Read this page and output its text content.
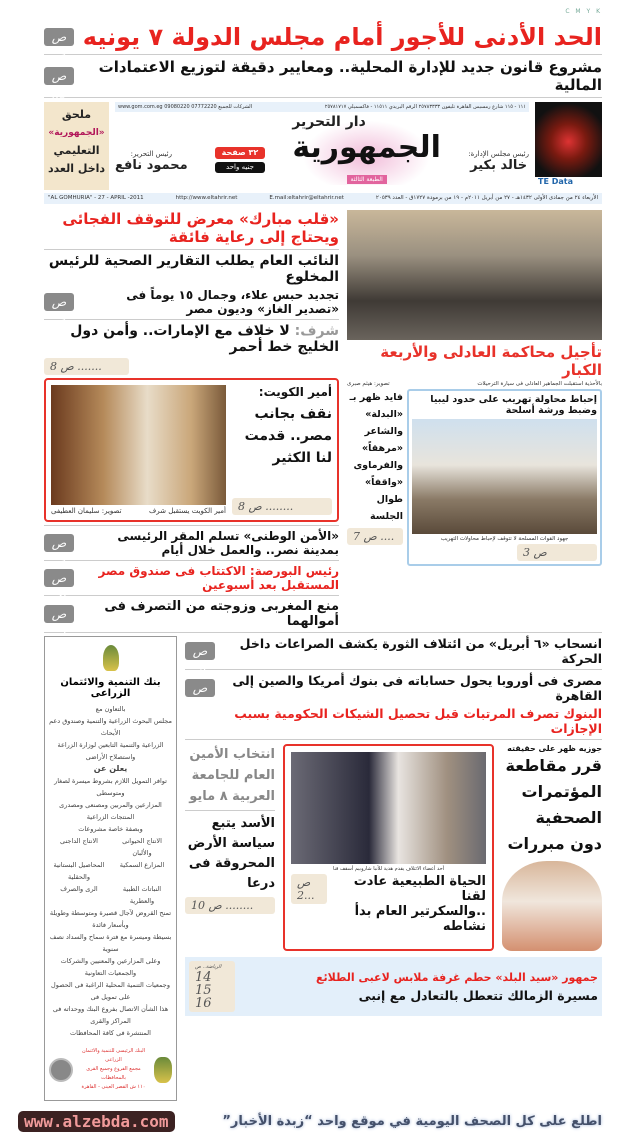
C M Y K
الحد الأدنى للأجور أمام مجلس الدولة ٧ يونيه
ص 3..
مشروع قانون جديد للإدارة المحلية.. ومعايير دقيقة لتوزيع الاعتمادات المالية
ص 8..
TE Data
١١١ - ١١٥ شارع رمسيس القاهرة تليفون ٢٥٧٨٣٣٣٣ الرقم البريدي ١١٥١١ - فاكسميلي ٢٥٧٨١٧١٧
الشركات للجميع 07772220 09080220 www.gom.com.eg
رئيس مجلس الإدارة:
خالد بكير
دار التحرير
الجمهورية
الطبعة الثالثة
٣٢ صفحة
جنيه واحد
رئيس التحرير:
محمود نافع
ملحق
«الجمهورية»
التعليمي
داخل العدد
الأربعاء ٢٤ من جمادى الأولى ١٤٣٢هـ - ٢٧ من أبريل ٢٠١١م - ١٩ من برمودة ١٧٢٧ق - العدد ٢٠٥٣٩
E.mail:eltahrir@eltahrir.net
http://www.eltahrir.net
"AL GOMHURIA" - 27 - APRIL -2011
تأجيل محاكمة العادلى والأربعة الكبار
بالأحذية استقبلت الجماهير العادلى فى سيارة الترحيلات
تصوير: هيثم صبرى
إحباط محاولة تهريب على حدود ليبيا وضبط ورشة أسلحة
جهود القوات المسلحة لا تتوقف لإحباط محاولات التهريب
ص 3
فايد ظهر بـ «البدلة» والشاعر «مرهقاً» والفرماوى «واقفاً» طوال الجلسة
ص 7 ....
«قلب مبارك» معرض للتوقف الفجائى ويحتاج إلى رعاية فائقة
النائب العام يطلب التقارير الصحية للرئيس المخلوع
تجديد حبس علاء، وجمال ١٥ يوماً فى «تصدير الغاز» وديون مصر
ص 3..
شرف: لا خلاف مع الإمارات.. وأمن دول الخليج خط أحمر
ص 8 .......
أمير الكويت:
نقف بجانب مصر.. قدمت لنا الكثير
ص 8 ........
أمير الكويت يستقبل شرف
تصوير: سليمان العطيفى
«الأمن الوطنى» تسلم المقر الرئيسى بمدينة نصر.. والعمل خلال أيام
ص 3..
رئيس البورصة: الاكتتاب فى صندوق مصر المستقبل بعد أسبوعين
ص 6..
منع المغربى وزوجته من التصرف فى أموالهما
ص 3..
انسحاب «٦ أبريل» من ائتلاف الثورة يكشف الصراعات داخل الحركة
ص 4..
مصرى فى أوروبا يحول حساباته فى بنوك أمريكا والصين إلى القاهرة
ص 3..	البنوك تصرف المرتبات قبل تحصيل الشيكات الحكومية بسبب الإجازات
جوزيه ظهر على حقيقته
قرر مقاطعة المؤتمرات الصحفية دون مبررات
أحد أعضاء الائتلاف يقدم هدية للأنبا شاروبيم أسقف قنا
الحياة الطبيعية عادت لقنا
..والسكرتير العام بدأ نشاطه
ص 2...
انتخاب الأمين العام للجامعة العربية ٨ مايو
الأسد يتبع سياسة الأرض المحروقة فى درعا
ص 10 ........
جمهور «سيد البلد» حطم غرفة ملابس لاعبى الطلائع
مسيرة الزمالك تتعطل بالتعادل مع إنبى
الرياضة.. ص
14
15
16
بنك التنمية والائتمان الزراعى
بالتعاون مع
مجلس البحوث الزراعية والتنمية وصندوق دعم الأبحاث
الزراعية والتنمية التابعين لوزارة الزراعة واستصلاح الأراضى
يعلن عن
توافر التمويل اللازم بشروط ميسرة لصغار ومتوسطى
المزارعين والمربين ومصنعى ومصدرى المنتجات الزراعية
وبصفة خاصة مشروعات
الانتاج الحيوانى والألبان
الانتاج الداجنى
المزارع السمكية
المحاصيل البستانية والحقلية
النباتات الطبية والعطرية
الرى والصرف
تمنح القروض لآجال قصيرة ومتوسطة وطويلة وبأسعار فائدة
بسيطة وميسرة مع فترة سماح والسداد نصف سنوية
وعلى المزارعين والمعنيين والشركات والجمعيات التعاونية
وجمعيات التنمية المحلية الراغبة فى الحصول على تمويل فى
هذا الشأن الاتصال بفروع البنك ووحداته فى المراكز والقرى
المنتشرة فى كافة المحافظات
البنك الرئيسى للتنمية والائتمان الزراعى
مجمع الفروع وجميع القرى بالمحافظات
١١٠ ش القصر العينى - القاهرة
اطلع على كل الصحف اليومية في موقع واحد “زبدة الأخبار”
www.alzebda.com
